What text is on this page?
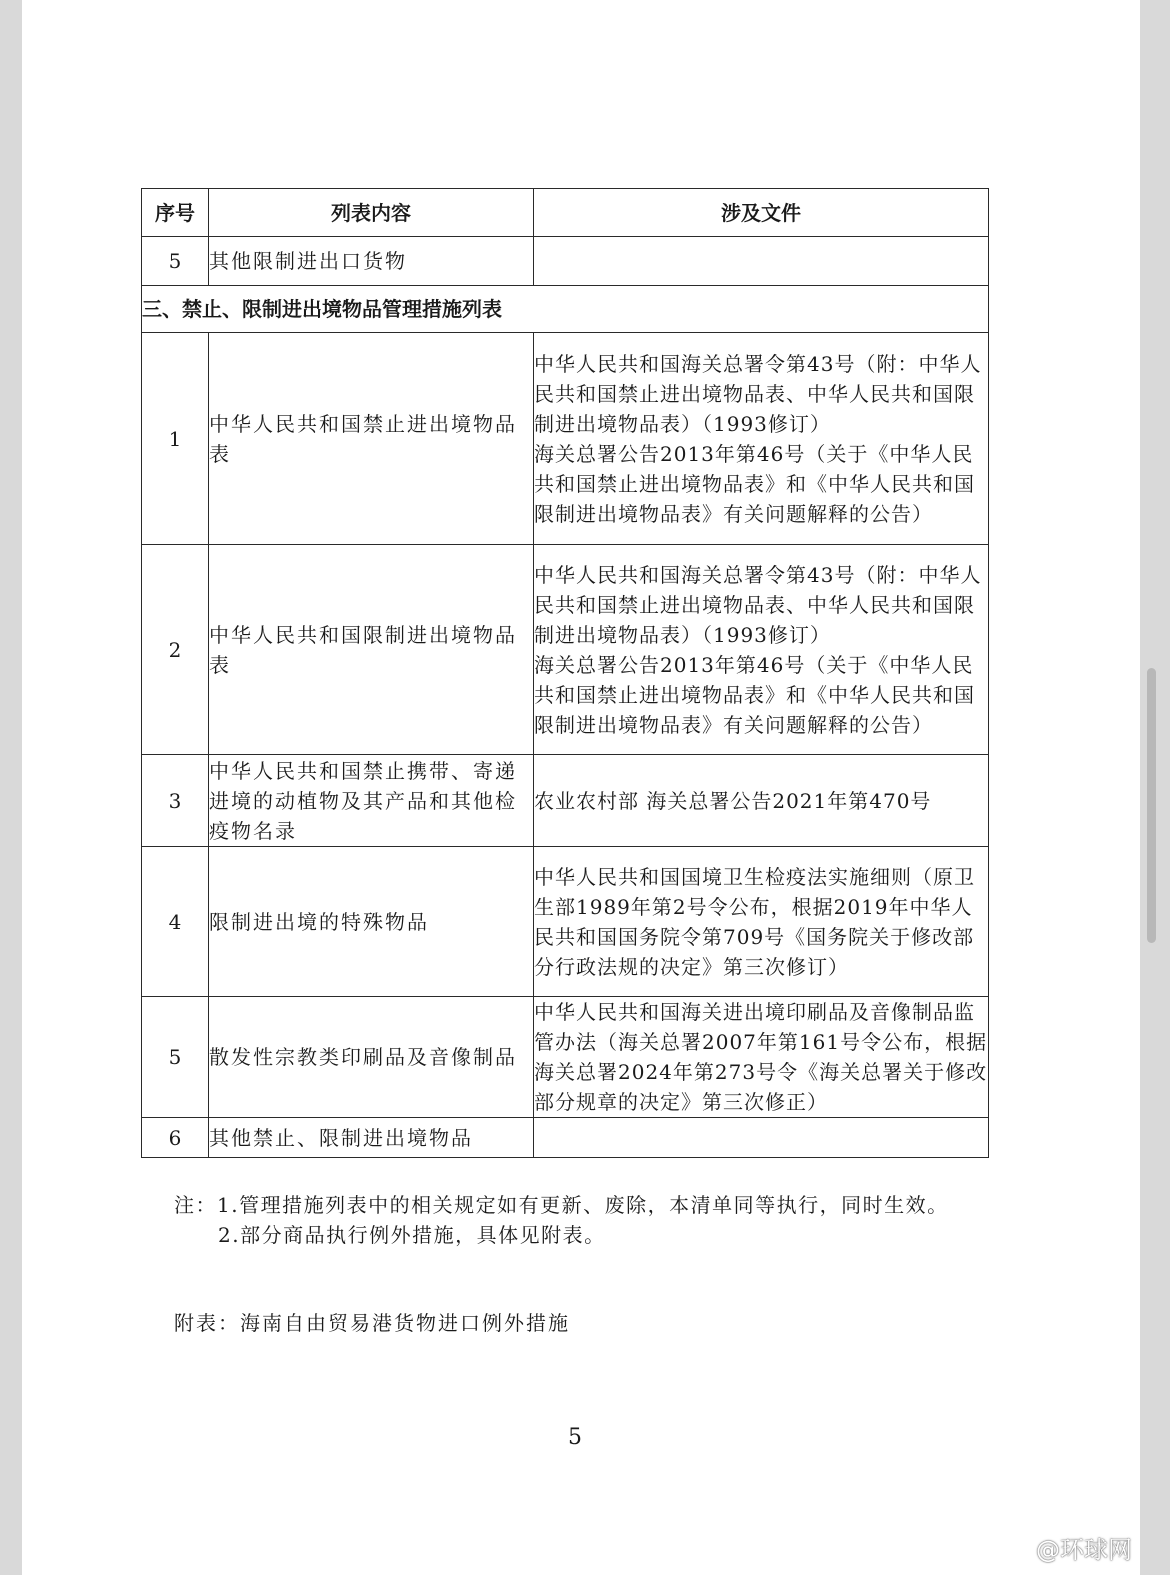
序号	列表内容	涉及文件
5	其他限制进出口货物	
三、禁止、限制进出境物品管理措施列表		
1	中华人民共和国禁止进出境物品表	中华人民共和国海关总署令第43号（附：中华人民共和国禁止进出境物品表、中华人民共和国限制进出境物品表）（1993修订）
海关总署公告2013年第46号（关于《中华人民共和国禁止进出境物品表》和《中华人民共和国限制进出境物品表》有关问题解释的公告）

2	中华人民共和国限制进出境物品表	中华人民共和国海关总署令第43号（附：中华人民共和国禁止进出境物品表、中华人民共和国限制进出境物品表）（1993修订）
海关总署公告2013年第46号（关于《中华人民共和国禁止进出境物品表》和《中华人民共和国限制进出境物品表》有关问题解释的公告）

3	中华人民共和国禁止携带、寄递进境的动植物及其产品和其他检疫物名录	农业农村部 海关总署公告2021年第470号

4	限制进出境的特殊物品	中华人民共和国国境卫生检疫法实施细则（原卫生部1989年第2号令公布，根据2019年中华人民共和国国务院令第709号《国务院关于修改部分行政法规的决定》第三次修订）

5	散发性宗教类印刷品及音像制品	中华人民共和国海关进出境印刷品及音像制品监管办法（海关总署2007年第161号令公布，根据海关总署2024年第273号令《海关总署关于修改部分规章的决定》第三次修正）

6	其他禁止、限制进出境物品	
注：1.管理措施列表中的相关规定如有更新、废除，本清单同等执行，同时生效。
2.部分商品执行例外措施，具体见附表。
附表：海南自由贸易港货物进口例外措施
5
@环球网
